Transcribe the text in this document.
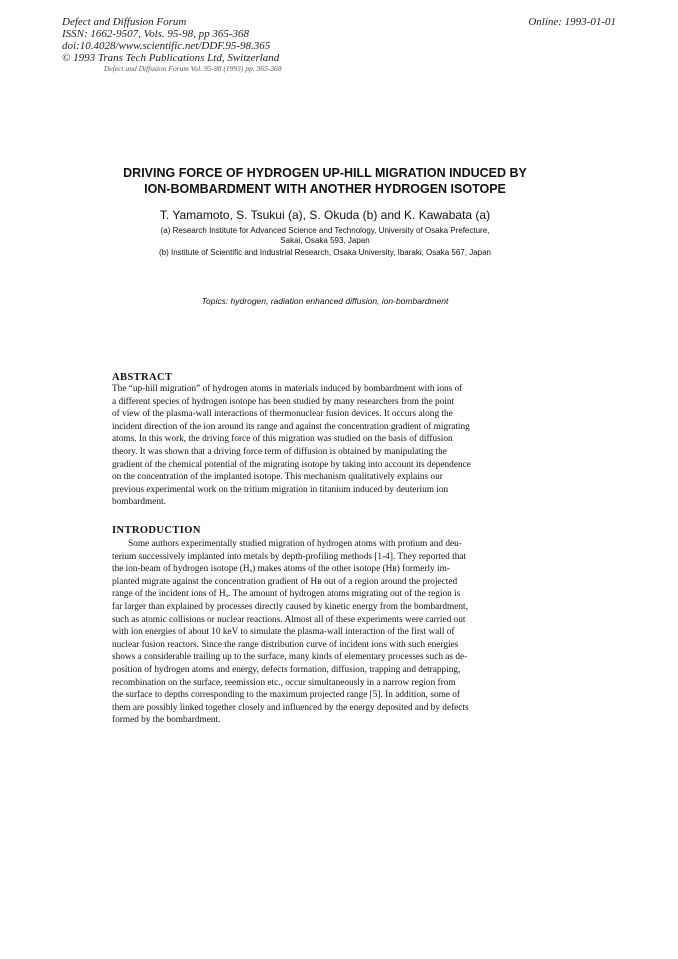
Defect and Diffusion Forum
ISSN: 1662-9507, Vols. 95-98, pp 365-368
doi:10.4028/www.scientific.net/DDF.95-98.365
© 1993 Trans Tech Publications Ltd, Switzerland
Online: 1993-01-01
Defect and Diffusion Forum Vol. 95-98 (1993) pp. 365-368
DRIVING FORCE OF HYDROGEN UP-HILL MIGRATION INDUCED BY
ION-BOMBARDMENT WITH ANOTHER HYDROGEN ISOTOPE
T. Yamamoto, S. Tsukui (a), S. Okuda (b) and K. Kawabata (a)
(a) Research Institute for Advanced Science and Technology, University of Osaka Prefecture,
Sakai, Osaka 593, Japan
(b) Institute of Scientific and Industrial Research, Osaka University, Ibaraki, Osaka 567, Japan
Topics: hydrogen, radiation enhanced diffusion, ion-bombardment
ABSTRACT
The “up-hill migration” of hydrogen atoms in materials induced by bombardment with ions of
a different species of hydrogen isotope has been studied by many researchers from the point
of view of the plasma-wall interactions of thermonuclear fusion devices. It occurs along the
incident direction of the ion around its range and against the concentration gradient of migrating
atoms. In this work, the driving force of this migration was studied on the basis of diffusion
theory. It was shown that a driving force term of diffusion is obtained by manipulating the
gradient of the chemical potential of the migrating isotope by taking into account its dependence
on the concentration of the implanted isotope. This mechanism qualitatively explains our
previous experimental work on the tritium migration in titanium induced by deuterium ion
bombardment.
INTRODUCTION
Some authors experimentally studied migration of hydrogen atoms with protium and deu-
terium successively implanted into metals by depth-profiling methods [1-4]. They reported that
the ion-beam of hydrogen isotope (Hₐ) makes atoms of the other isotope (Hʙ) formerly im-
planted migrate against the concentration gradient of Hʙ out of a region around the projected
range of the incident ions of Hₐ. The amount of hydrogen atoms migrating out of the region is
far larger than explained by processes directly caused by kinetic energy from the bombardment,
such as atomic collisions or nuclear reactions. Almost all of these experiments were carried out
with ion energies of about 10 keV to simulate the plasma-wall interaction of the first wall of
nuclear fusion reactors. Since the range distribution curve of incident ions with such energies
shows a considerable trailing up to the surface, many kinds of elementary processes such as de-
position of hydrogen atoms and energy, defects formation, diffusion, trapping and detrapping,
recombination on the surface, reemission etc., occur simultaneously in a narrow region from
the surface to depths corresponding to the maximum projected range [5]. In addition, some of
them are possibly linked together closely and influenced by the energy deposited and by defects
formed by the bombardment.
